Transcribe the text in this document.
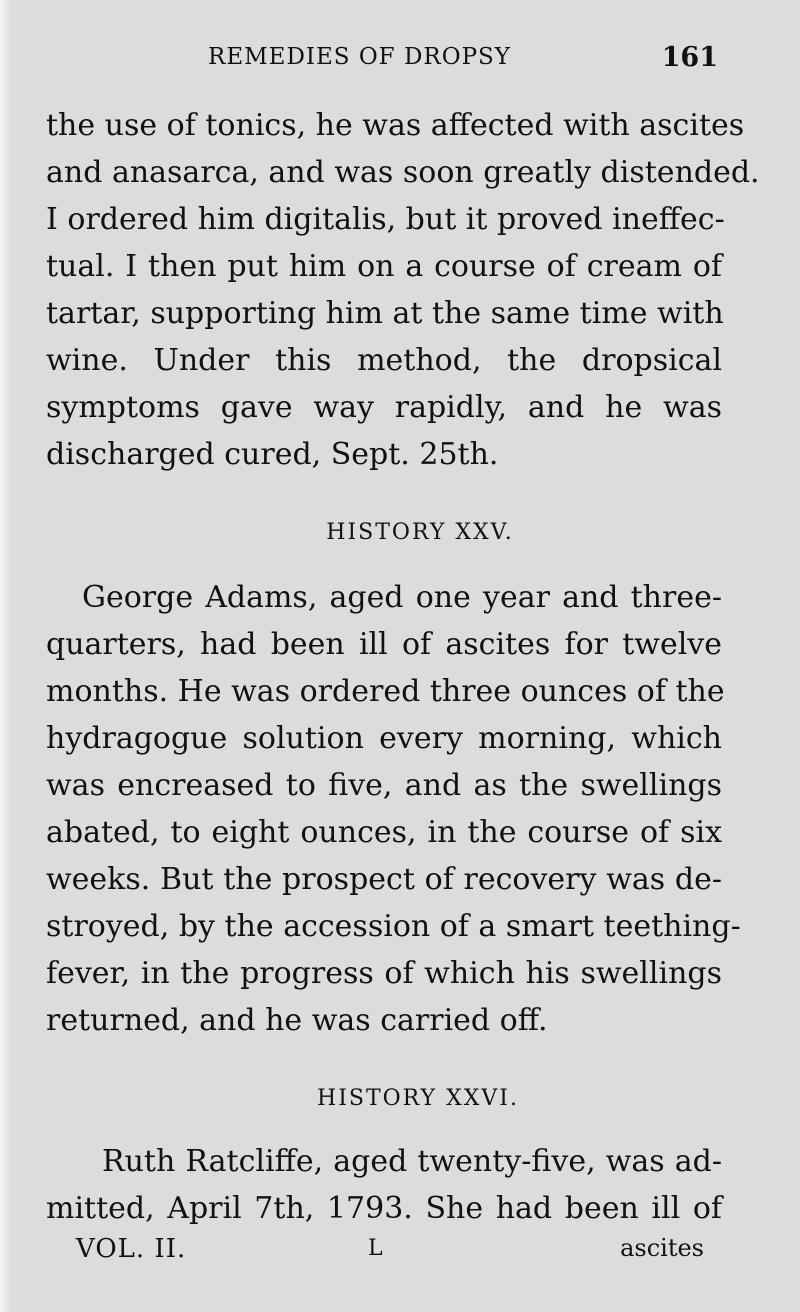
REMEDIES OF DROPSY	161
the use of tonics, he was affected with ascites
and anasarca, and was soon greatly distended.
I ordered him digitalis, but it proved ineffec-
tual. I then put him on a course of cream of
tartar, supporting him at the same time with
wine. Under this method, the dropsical
symptoms gave way rapidly, and he was
discharged cured, Sept. 25th.
HISTORY XXV.
George Adams, aged one year and three-
quarters, had been ill of ascites for twelve
months. He was ordered three ounces of the
hydragogue solution every morning, which
was encreased to five, and as the swellings
abated, to eight ounces, in the course of six
weeks. But the prospect of recovery was de-
stroyed, by the accession of a smart teething-
fever, in the progress of which his swellings
returned, and he was carried off.
HISTORY XXVI.
Ruth Ratcliffe, aged twenty-five, was ad-
mitted, April 7th, 1793. She had been ill of
VOL. II.	L	ascites
